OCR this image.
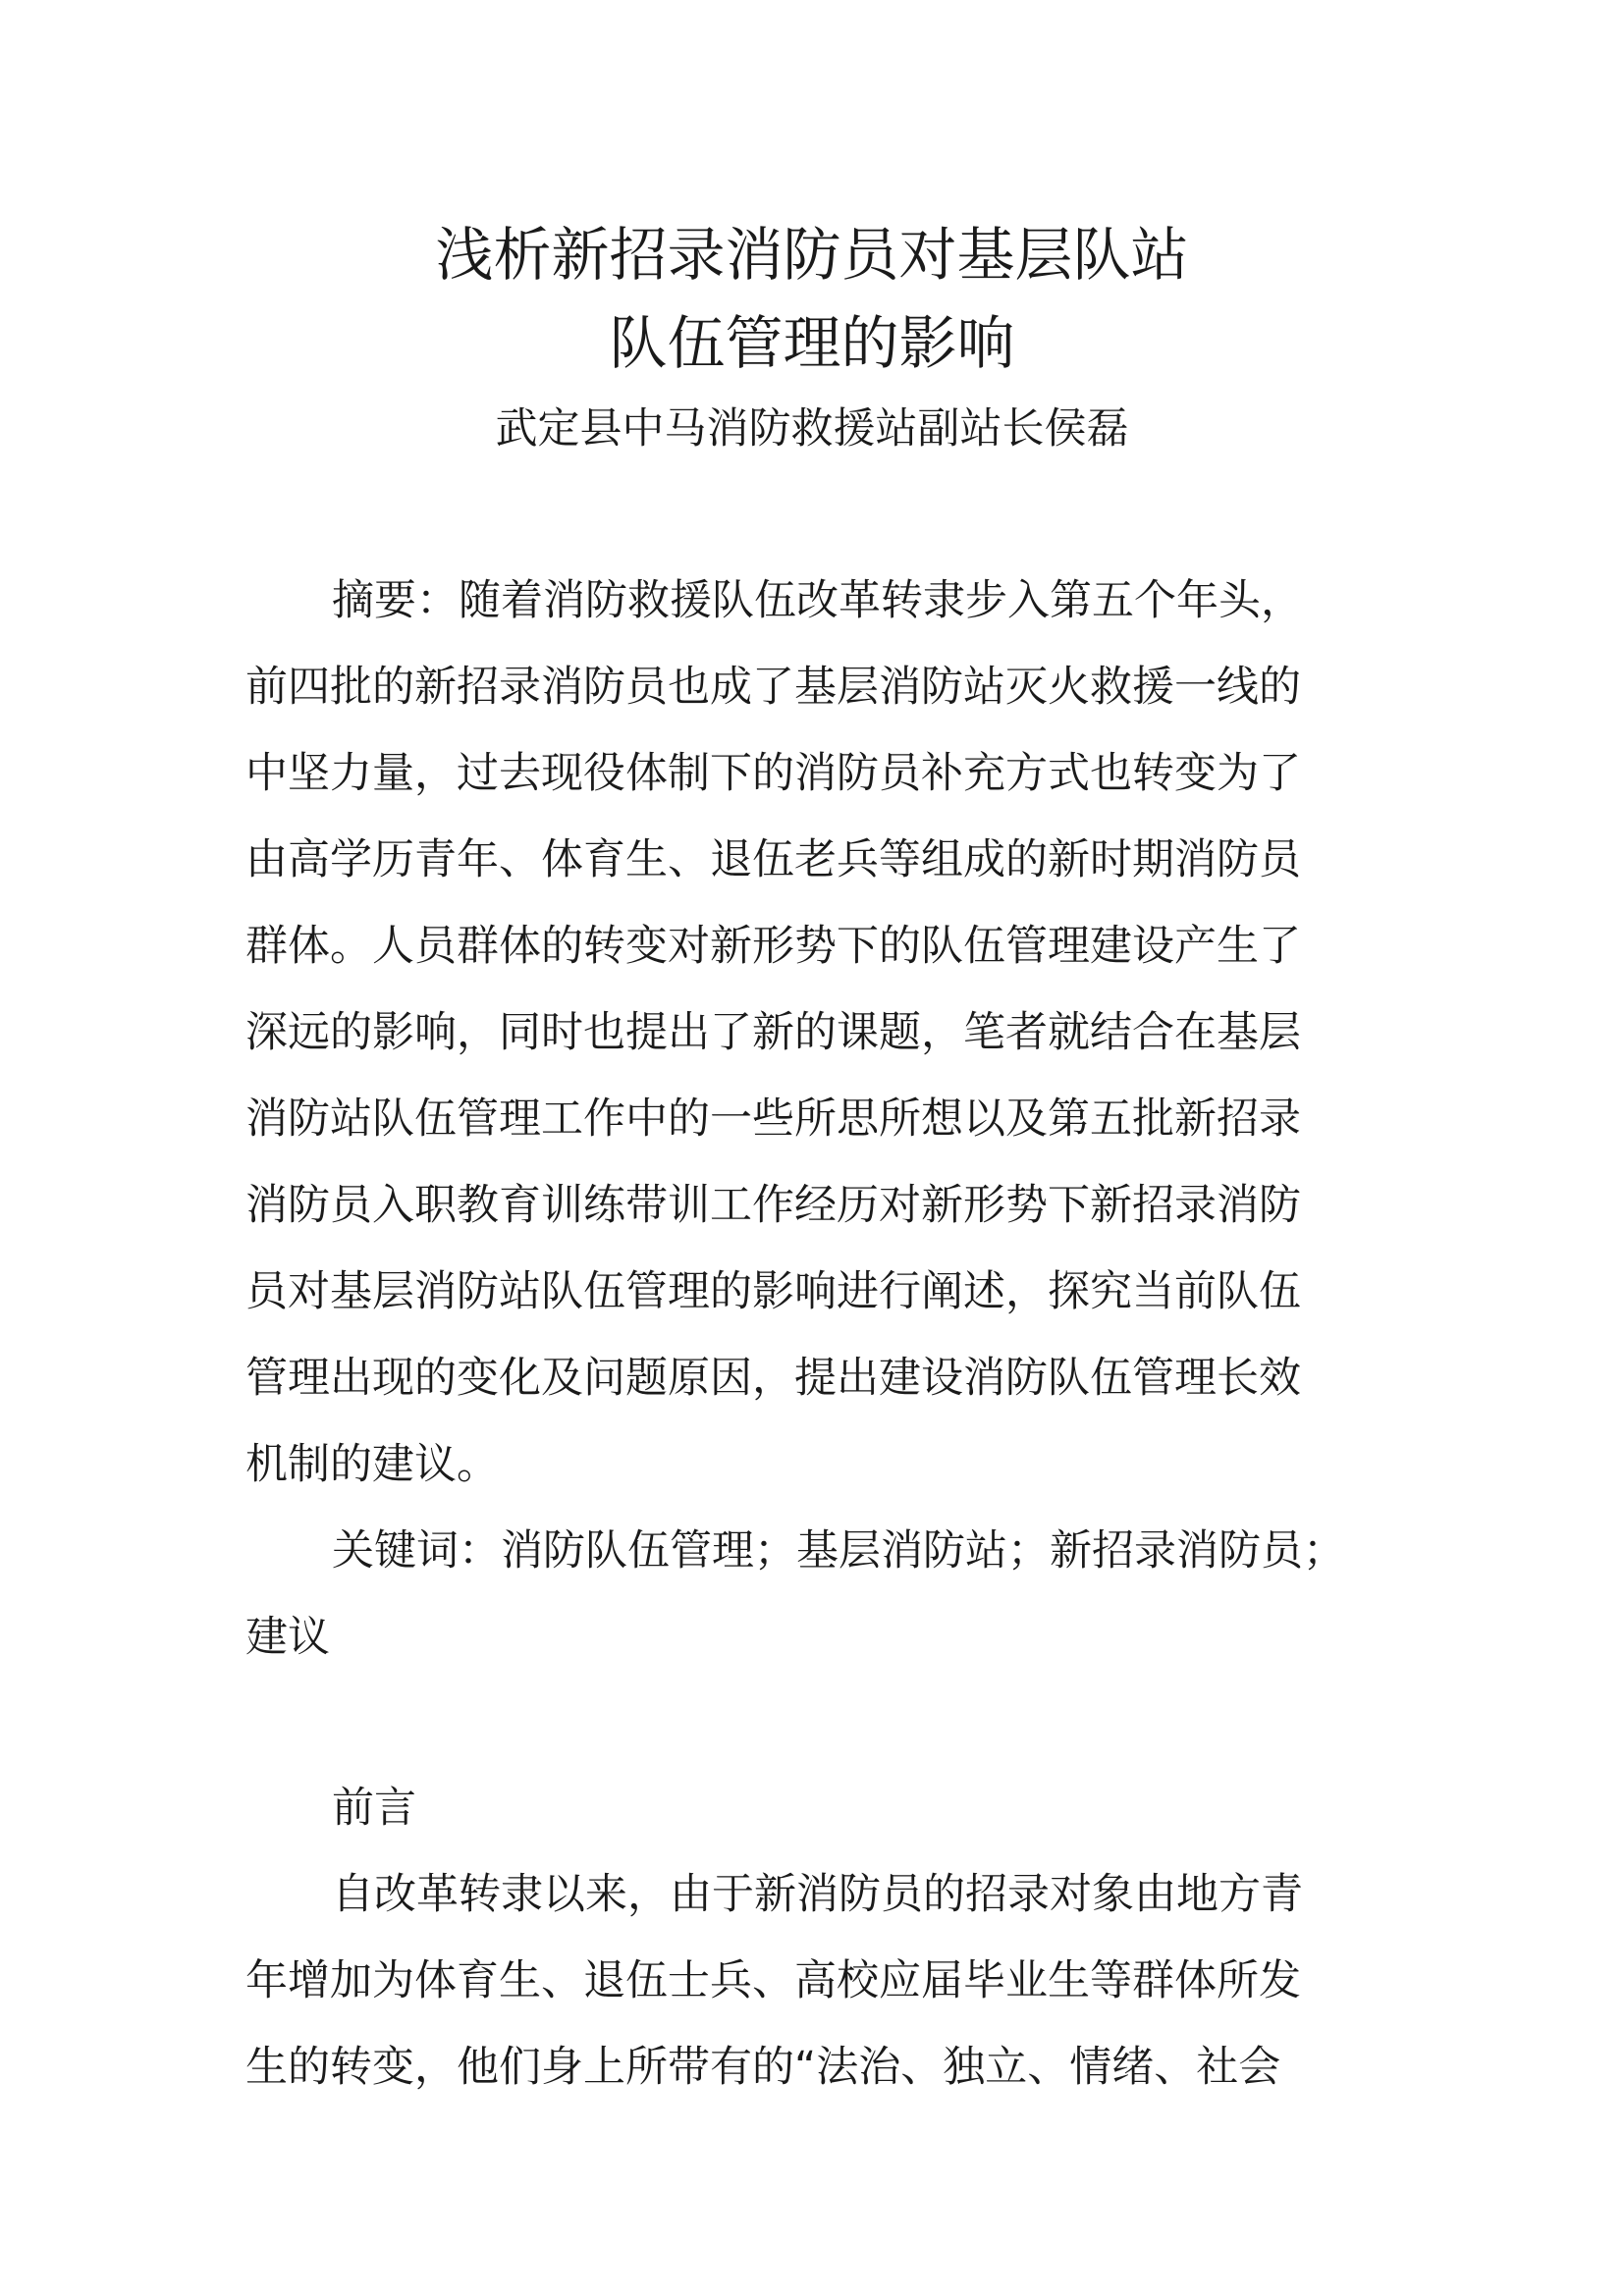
浅析新招录消防员对基层队站
队伍管理的影响
武定县中马消防救援站副站长侯磊
摘要：随着消防救援队伍改革转隶步入第五个年头，
前四批的新招录消防员也成了基层消防站灭火救援一线的
中坚力量，过去现役体制下的消防员补充方式也转变为了
由高学历青年、体育生、退伍老兵等组成的新时期消防员
群体。人员群体的转变对新形势下的队伍管理建设产生了
深远的影响，同时也提出了新的课题，笔者就结合在基层
消防站队伍管理工作中的一些所思所想以及第五批新招录
消防员入职教育训练带训工作经历对新形势下新招录消防
员对基层消防站队伍管理的影响进行阐述，探究当前队伍
管理出现的变化及问题原因，提出建设消防队伍管理长效
机制的建议。
关键词：消防队伍管理；基层消防站；新招录消防员；
建议
前言
自改革转隶以来，由于新消防员的招录对象由地方青
年增加为体育生、退伍士兵、高校应届毕业生等群体所发
生的转变，他们身上所带有的“法治、独立、情绪、社会
